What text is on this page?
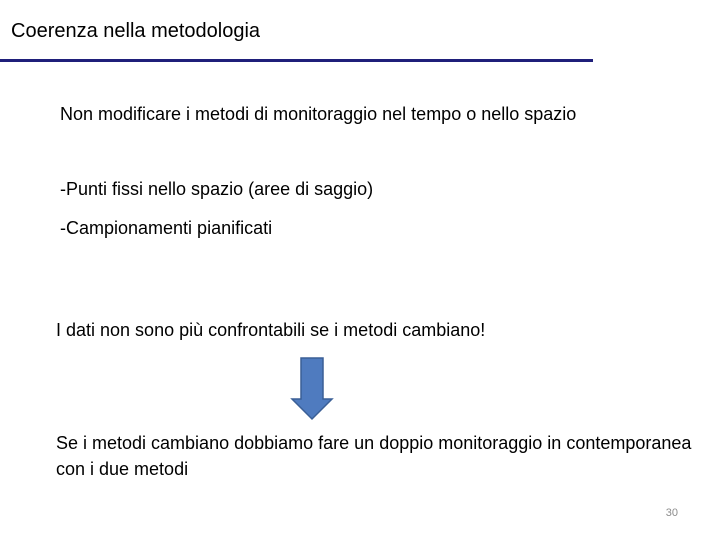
Coerenza nella metodologia
Non modificare i metodi di monitoraggio nel tempo o nello spazio
-Punti fissi nello spazio (aree di saggio)
-Campionamenti pianificati
I dati non sono più confrontabili se i metodi cambiano!
Se i metodi cambiano dobbiamo fare un doppio monitoraggio in contemporanea con i due metodi
30
